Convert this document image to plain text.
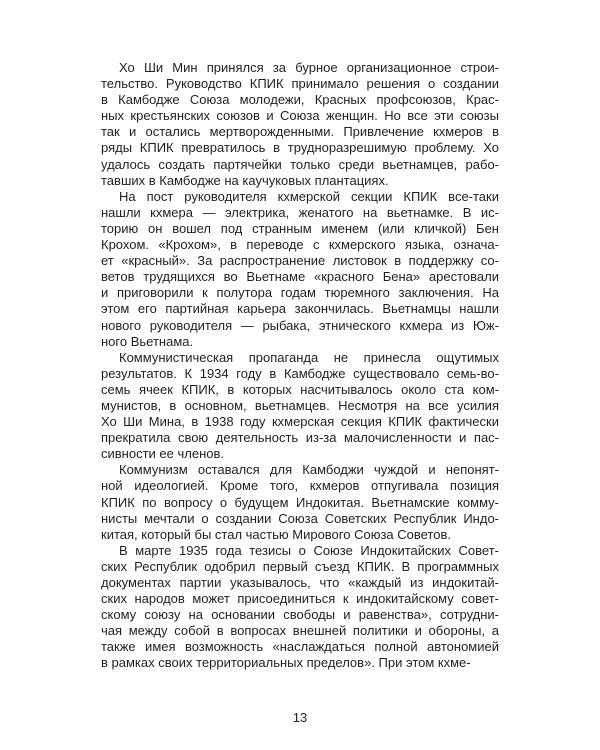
Хо Ши Мин принялся за бурное организационное строи-
тельство. Руководство КПИК принимало решения о создании
в Камбодже Союза молодежи, Красных профсоюзов, Крас-
ных крестьянских союзов и Союза женщин. Но все эти союзы
так и остались мертворожденными. Привлечение кхмеров в
ряды КПИК превратилось в трудноразрешимую проблему. Хо
удалось создать партячейки только среди вьетнамцев, рабо-
тавших в Камбодже на каучуковых плантациях.
На пост руководителя кхмерской секции КПИК все-таки
нашли кхмера — электрика, женатого на вьетнамке. В ис-
торию он вошел под странным именем (или кличкой) Бен
Крохом. «Крохом», в переводе с кхмерского языка, означа-
ет «красный». За распространение листовок в поддержку со-
ветов трудящихся во Вьетнаме «красного Бена» арестовали
и приговорили к полутора годам тюремного заключения. На
этом его партийная карьера закончилась. Вьетнамцы нашли
нового руководителя — рыбака, этнического кхмера из Юж-
ного Вьетнама.
Коммунистическая пропаганда не принесла ощутимых
результатов. К 1934 году в Камбодже существовало семь-во-
семь ячеек КПИК, в которых насчитывалось около ста ком-
мунистов, в основном, вьетнамцев. Несмотря на все усилия
Хо Ши Мина, в 1938 году кхмерская секция КПИК фактически
прекратила свою деятельность из-за малочисленности и пас-
сивности ее членов.
Коммунизм оставался для Камбоджи чуждой и непонят-
ной идеологией. Кроме того, кхмеров отпугивала позиция
КПИК по вопросу о будущем Индокитая. Вьетнамские комму-
нисты мечтали о создании Союза Советских Республик Индо-
китая, который бы стал частью Мирового Союза Советов.
В марте 1935 года тезисы о Союзе Индокитайских Совет-
ских Республик одобрил первый съезд КПИК. В программных
документах партии указывалось, что «каждый из индокитай-
ских народов может присоединиться к индокитайскому совет-
скому союзу на основании свободы и равенства», сотрудни-
чая между собой в вопросах внешней политики и обороны, а
также имея возможность «наслаждаться полной автономией
в рамках своих территориальных пределов». При этом кхме-
13
